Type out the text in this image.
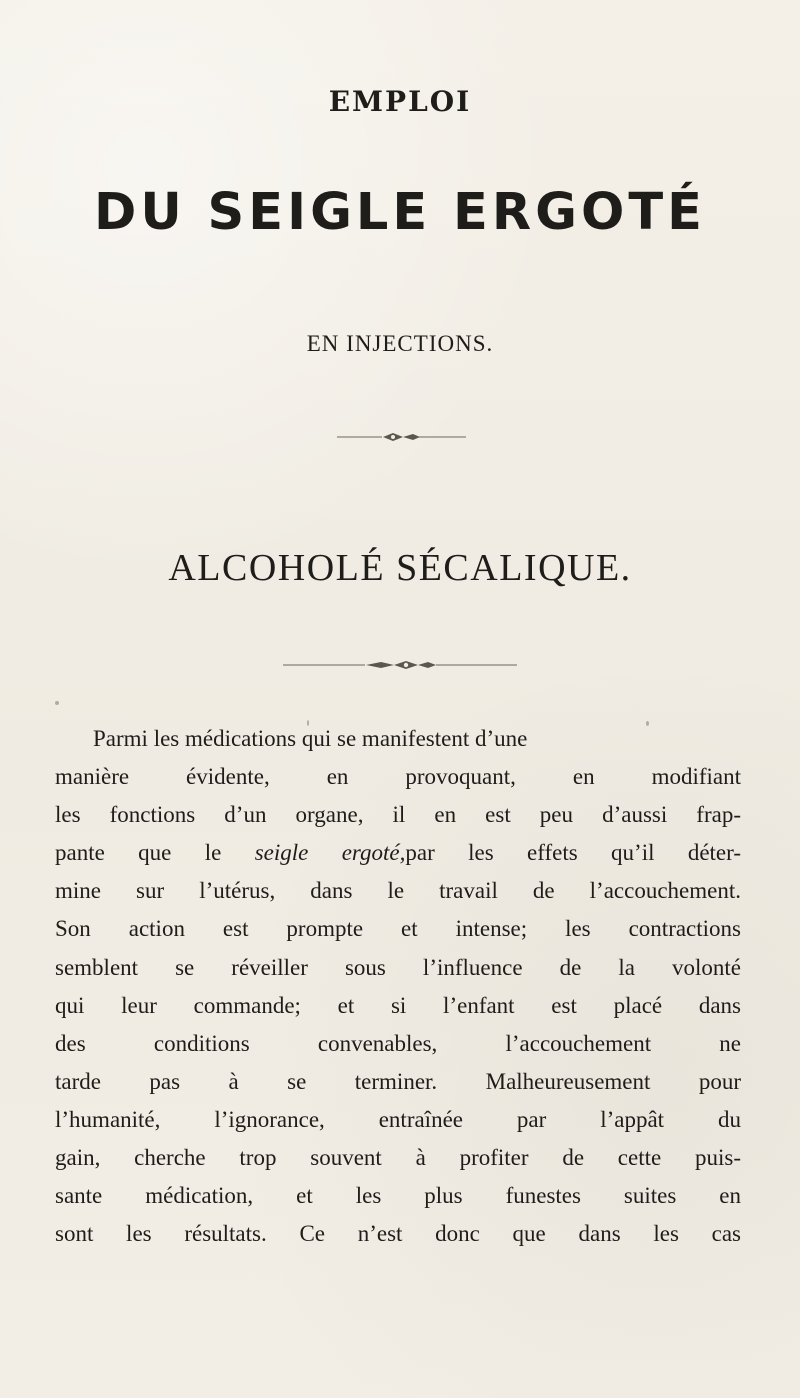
EMPLOI
DU SEIGLE ERGOTÉ
EN INJECTIONS.
ALCOHOLÉ SÉCALIQUE.
Parmi les médications qui se manifestent d’une
manière évidente, en provoquant, en modifiant
les fonctions d’un organe, il en est peu d’aussi frap-
pante que le seigle ergoté,par les effets qu’il déter-
mine sur l’utérus, dans le travail de l’accouchement.
Son action est prompte et intense; les contractions
semblent se réveiller sous l’influence de la volonté
qui leur commande; et si l’enfant est placé dans
des conditions convenables, l’accouchement ne
tarde pas à se terminer. Malheureusement pour
l’humanité, l’ignorance, entraînée par l’appât du
gain, cherche trop souvent à profiter de cette puis-
sante médication, et les plus funestes suites en
sont les résultats. Ce n’est donc que dans les cas
